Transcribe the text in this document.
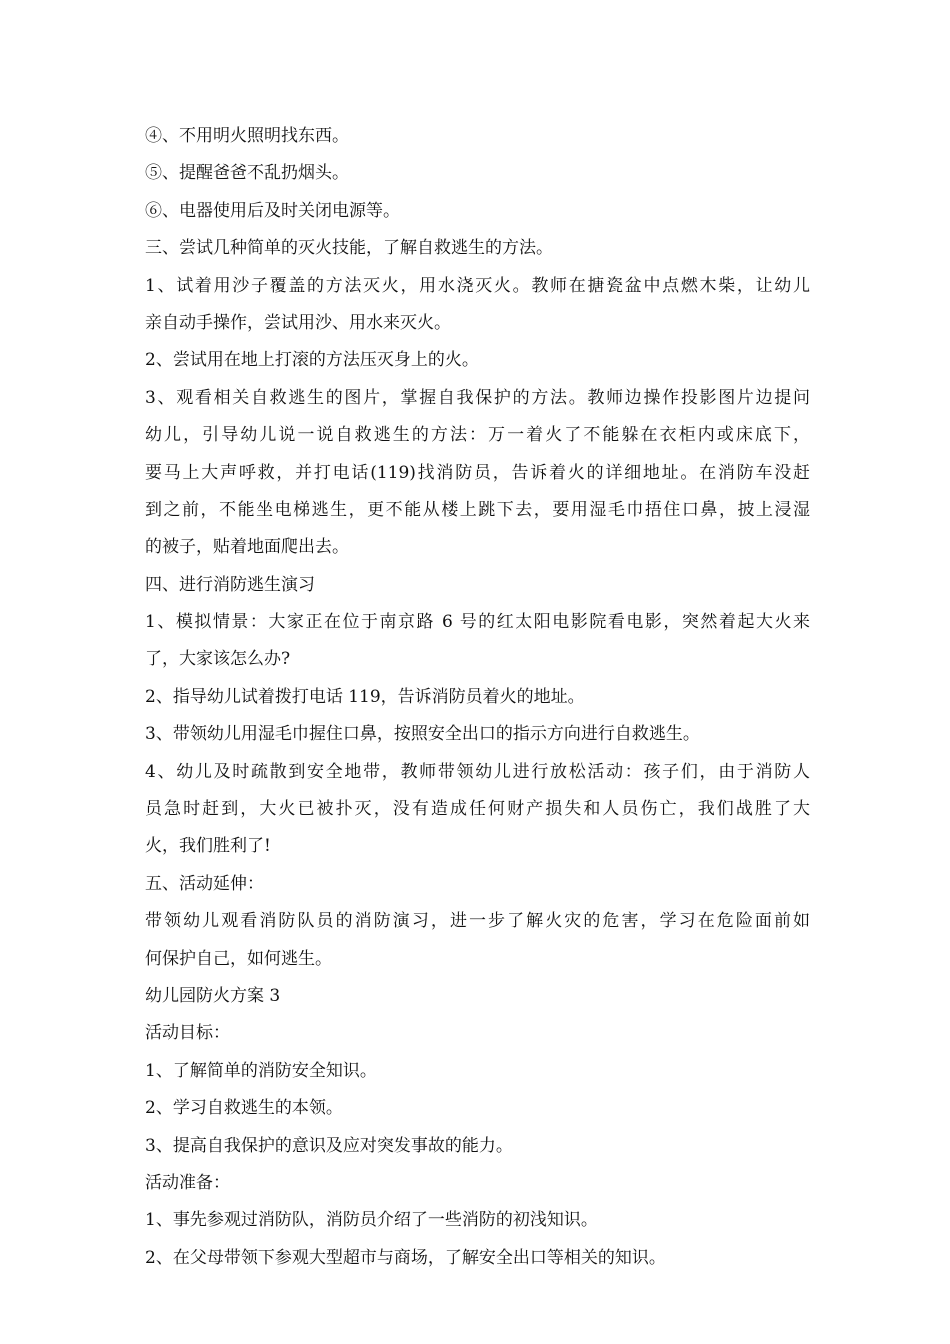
④、不用明火照明找东西。
⑤、提醒爸爸不乱扔烟头。
⑥、电器使用后及时关闭电源等。
三、尝试几种简单的灭火技能，了解自救逃生的方法。
1、试着用沙子覆盖的方法灭火，用水浇灭火。教师在搪瓷盆中点燃木柴，让幼儿
亲自动手操作，尝试用沙、用水来灭火。
2、尝试用在地上打滚的方法压灭身上的火。
3、观看相关自救逃生的图片，掌握自我保护的方法。教师边操作投影图片边提问
幼儿，引导幼儿说一说自救逃生的方法：万一着火了不能躲在衣柜内或床底下，
要马上大声呼救，并打电话(119)找消防员，告诉着火的详细地址。在消防车没赶
到之前，不能坐电梯逃生，更不能从楼上跳下去，要用湿毛巾捂住口鼻，披上浸湿
的被子，贴着地面爬出去。
四、进行消防逃生演习
1、模拟情景：大家正在位于南京路 6 号的红太阳电影院看电影，突然着起大火来
了，大家该怎么办?
2、指导幼儿试着拨打电话 119，告诉消防员着火的地址。
3、带领幼儿用湿毛巾握住口鼻，按照安全出口的指示方向进行自救逃生。
4、幼儿及时疏散到安全地带，教师带领幼儿进行放松活动：孩子们，由于消防人
员急时赶到，大火已被扑灭，没有造成任何财产损失和人员伤亡，我们战胜了大
火，我们胜利了!
五、活动延伸：
带领幼儿观看消防队员的消防演习，进一步了解火灾的危害，学习在危险面前如
何保护自己，如何逃生。
幼儿园防火方案 3
活动目标：
1、了解简单的消防安全知识。
2、学习自救逃生的本领。
3、提高自我保护的意识及应对突发事故的能力。
活动准备：
1、事先参观过消防队，消防员介绍了一些消防的初浅知识。
2、在父母带领下参观大型超市与商场，了解安全出口等相关的知识。
